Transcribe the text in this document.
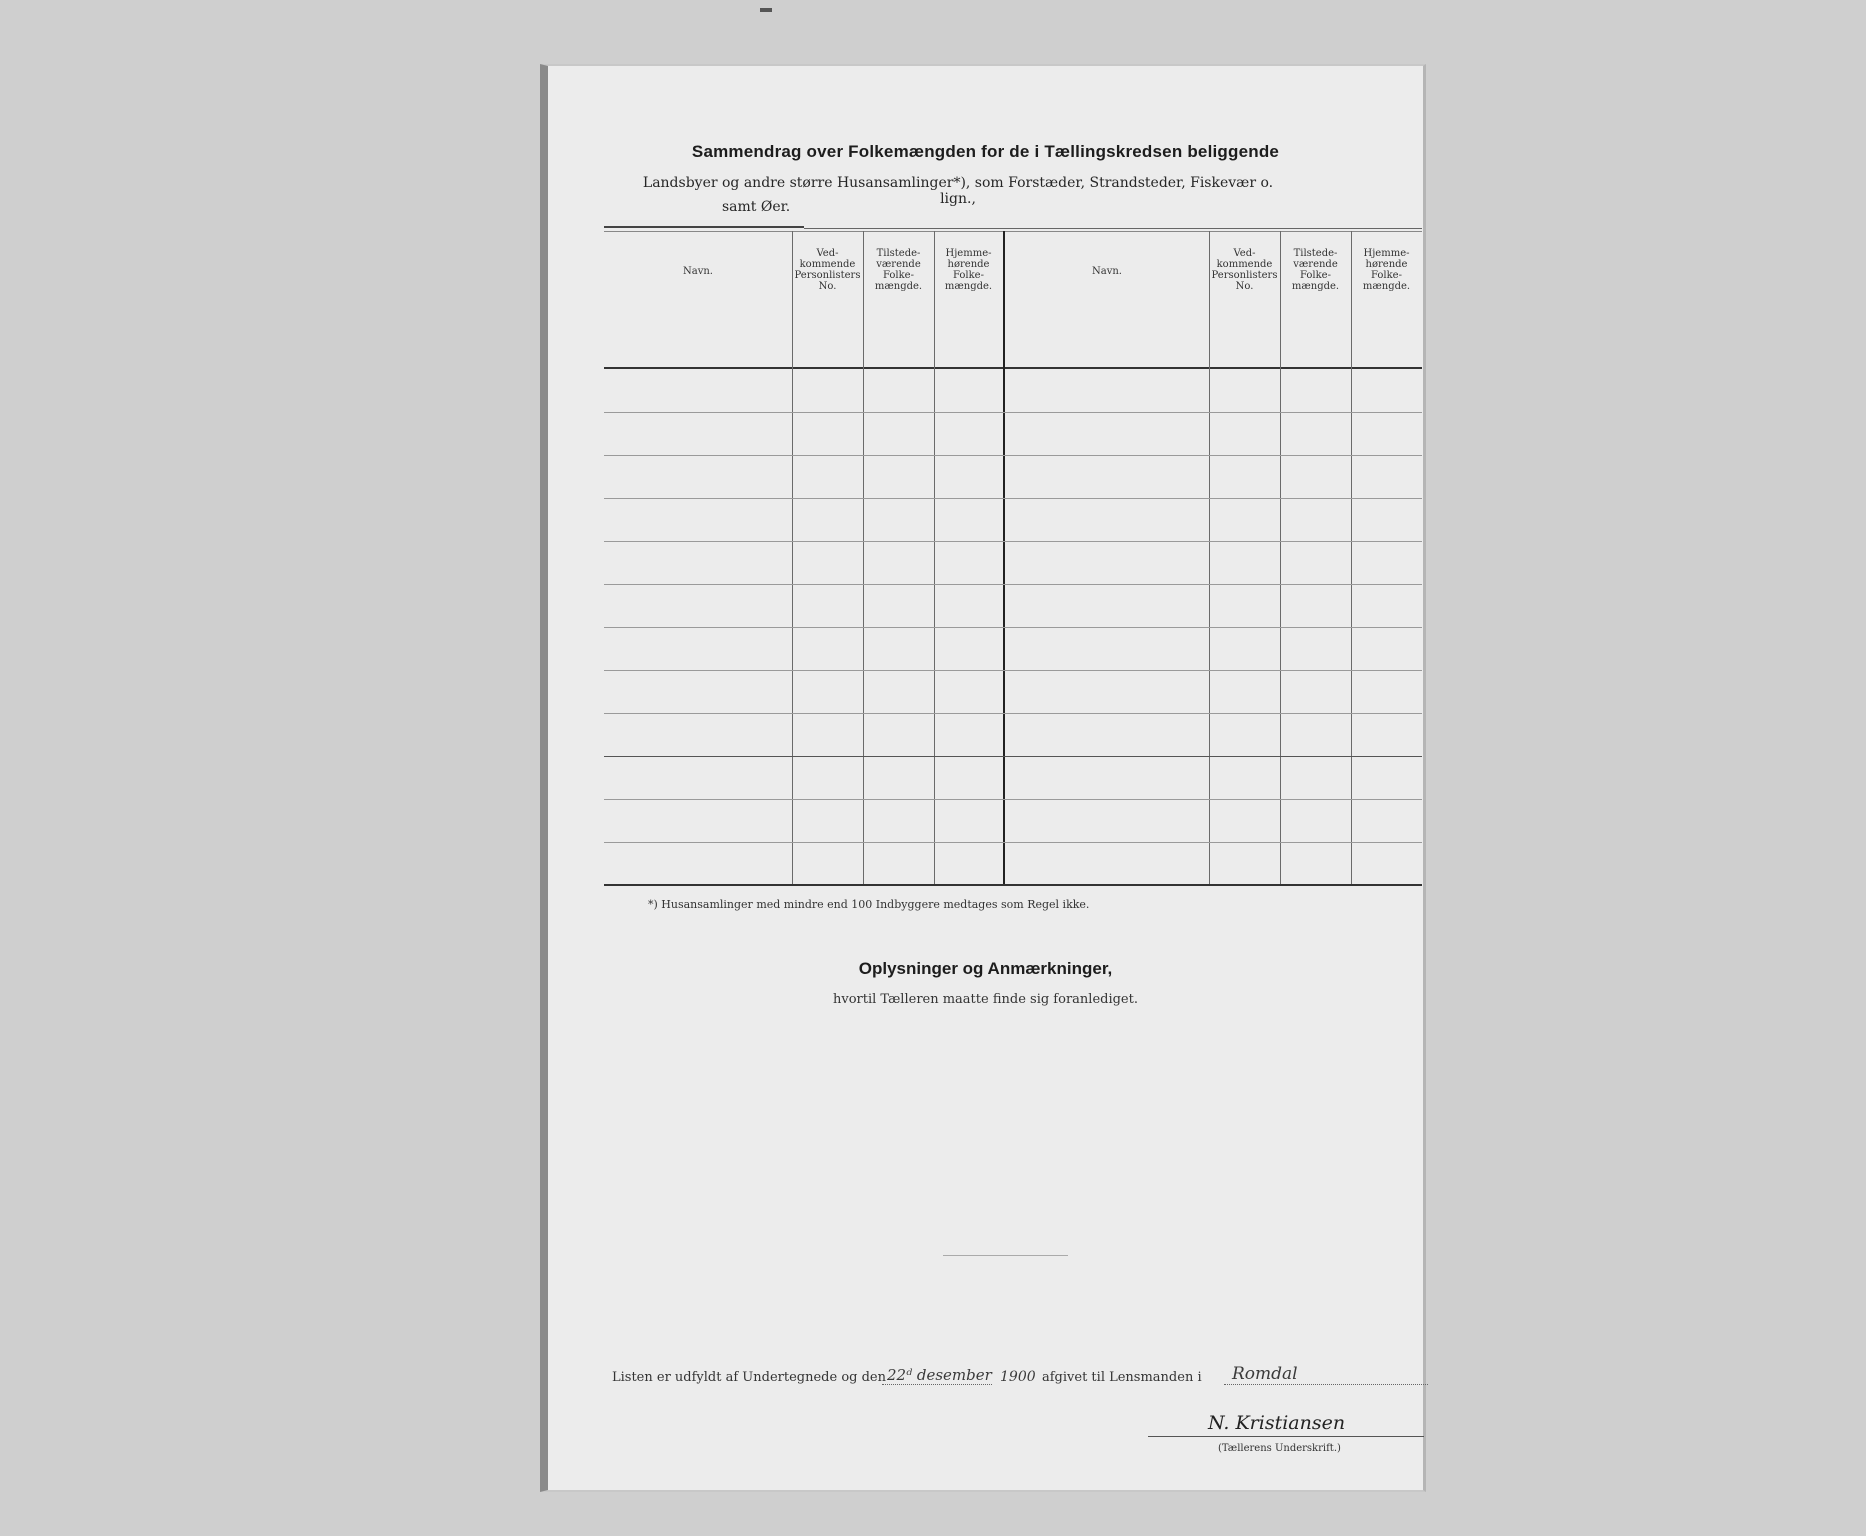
Sammendrag over Folkemængden for de i Tællingskredsen beliggende
Landsbyer og andre større Husansamlinger*), som Forstæder, Strandsteder, Fiskevær o. lign.,
samt Øer.
Navn.
Ved-
kommende
Personlisters
No.
Tilstede-
værende
Folke-
mængde.
Hjemme-
hørende
Folke-
mængde.
Navn.
Ved-
kommende
Personlisters
No.
Tilstede-
værende
Folke-
mængde.
Hjemme-
hørende
Folke-
mængde.
*) Husansamlinger med mindre end 100 Indbyggere medtages som Regel ikke.
Oplysninger og Anmærkninger,
hvortil Tælleren maatte finde sig foranlediget.
Listen er udfyldt af Undertegnede og den 22ᵈ desember 1900 afgivet til Lensmanden i Romdal
N. Kristiansen
(Tællerens Underskrift.)
